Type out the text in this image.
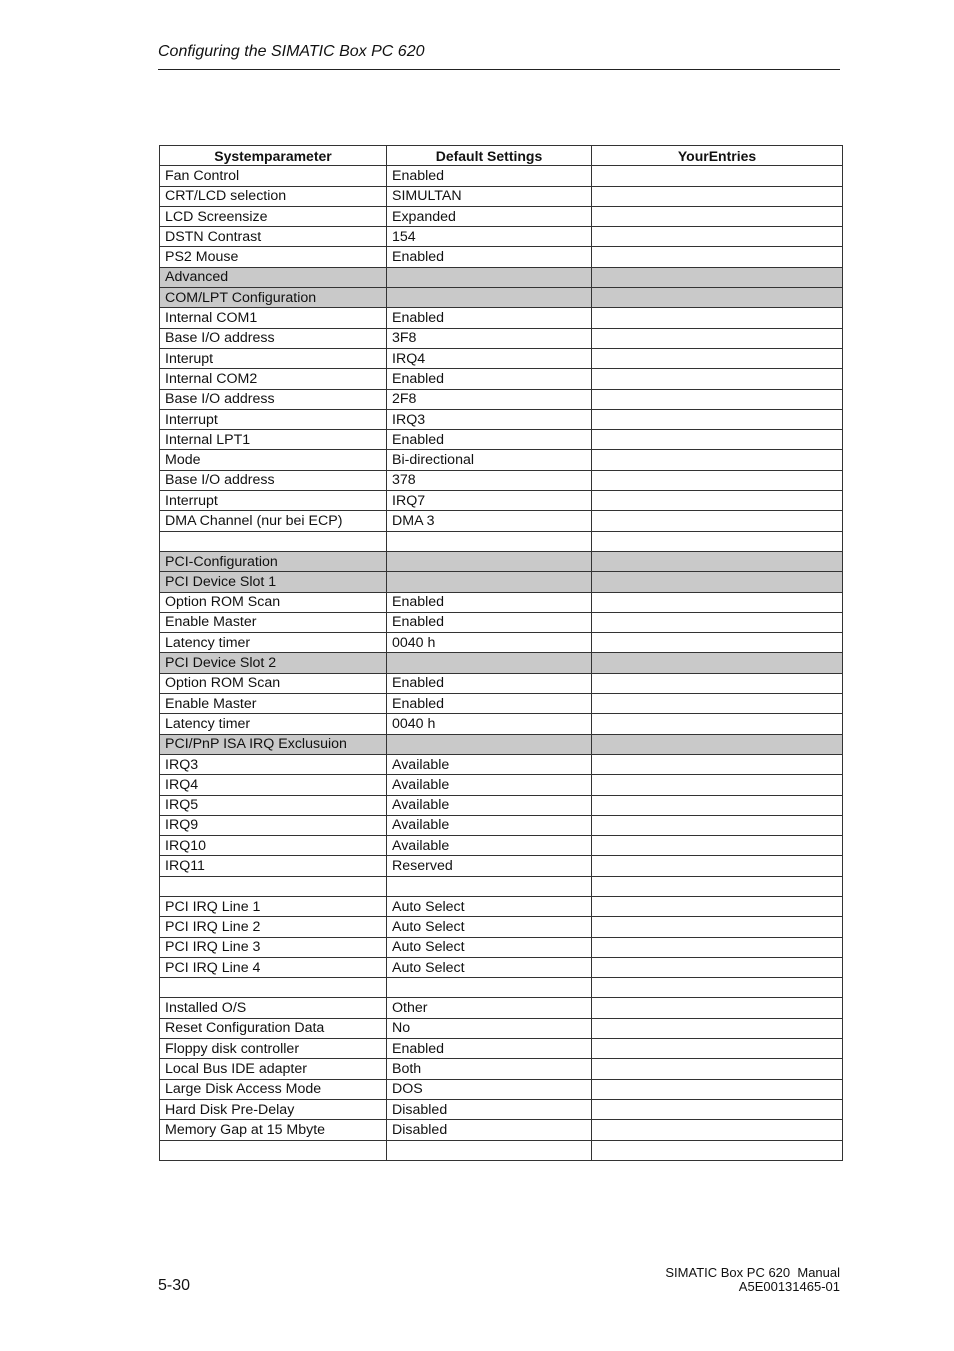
Configuring the SIMATIC Box PC 620
Systemparameter	Default Settings	YourEntries
Fan Control	Enabled	
CRT/LCD selection	SIMULTAN	
LCD Screensize	Expanded	
DSTN Contrast	154	
PS2 Mouse	Enabled	
Advanced		
COM/LPT Configuration		
Internal COM1	Enabled	
Base I/O address	3F8	
Interupt	IRQ4	
Internal COM2	Enabled	
Base I/O address	2F8	
Interrupt	IRQ3	
Internal LPT1	Enabled	
Mode	Bi-directional	
Base I/O address	378	
Interrupt	IRQ7	
DMA Channel (nur bei ECP)	DMA 3	

PCI-Configuration		
PCI Device Slot 1		
Option ROM Scan	Enabled	
Enable Master	Enabled	
Latency timer	0040 h	
PCI Device Slot 2		
Option ROM Scan	Enabled	
Enable Master	Enabled	
Latency timer	0040 h	
PCI/PnP ISA IRQ Exclusuion		
IRQ3	Available	
IRQ4	Available	
IRQ5	Available	
IRQ9	Available	
IRQ10	Available	
IRQ11	Reserved	

PCI IRQ Line 1	Auto Select	
PCI IRQ Line 2	Auto Select	
PCI IRQ Line 3	Auto Select	
PCI IRQ Line 4	Auto Select	

Installed O/S	Other	
Reset Configuration Data	No	
Floppy disk controller	Enabled	
Local Bus IDE adapter	Both	
Large Disk Access Mode	DOS	
Hard Disk Pre-Delay	Disabled	
Memory Gap at 15 Mbyte	Disabled	

5-30
SIMATIC Box PC 620  Manual
A5E00131465-01
